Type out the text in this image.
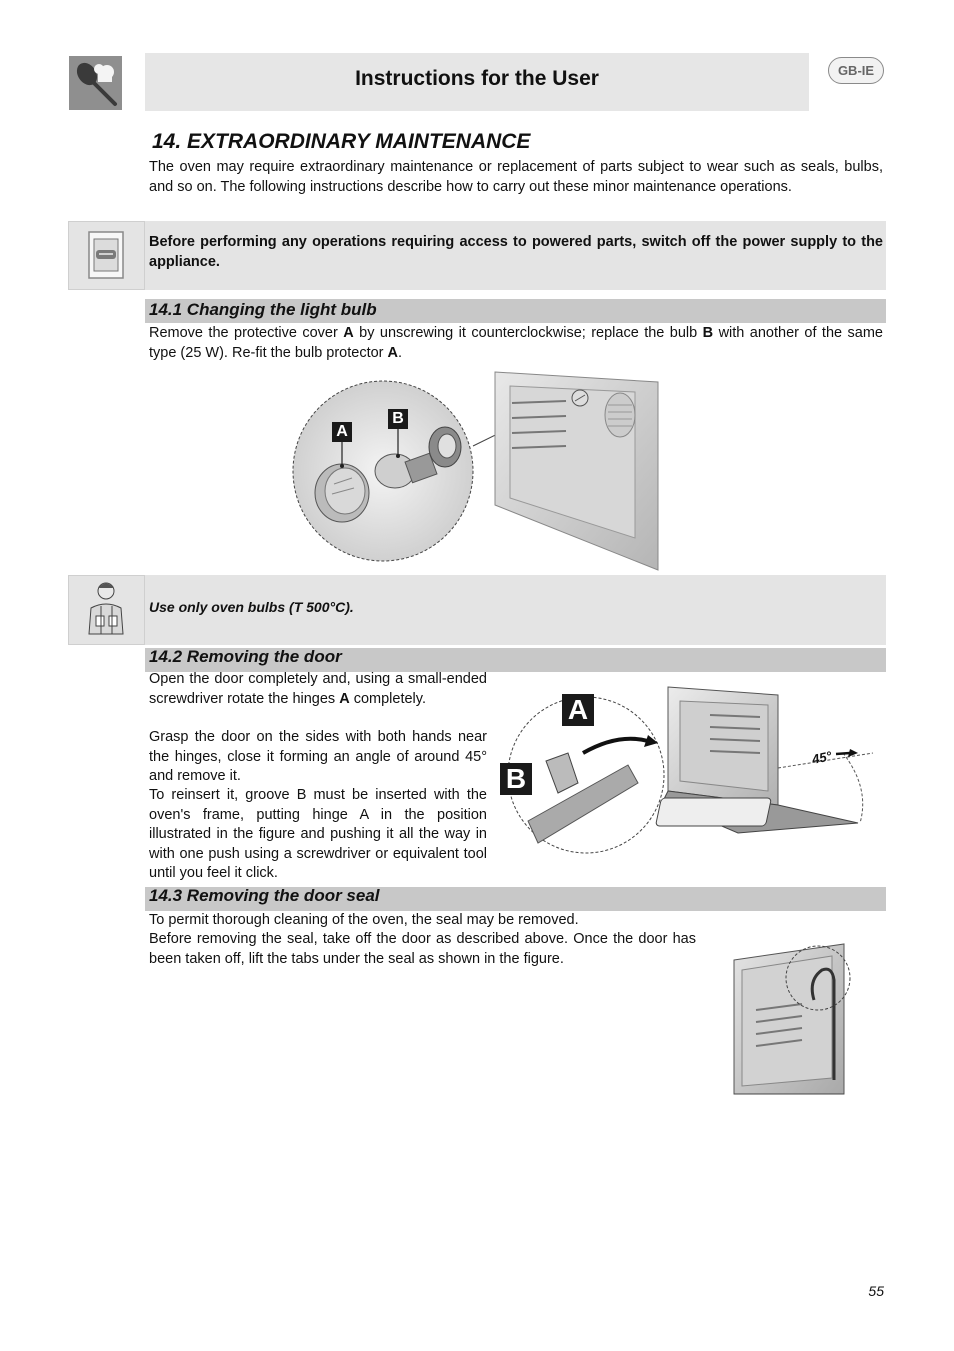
Instructions for the User	GB-IE
14. EXTRAORDINARY MAINTENANCE

The oven may require extraordinary maintenance or replacement of parts subject to wear such as seals, bulbs, and so on. The following instructions describe how to carry out these minor maintenance operations.

Before performing any operations requiring access to powered parts, switch off the power supply to the appliance.

14.1 Changing the light bulb

Remove the protective cover A by unscrewing it counterclockwise; replace the bulb B with another of the same type (25 W). Re-fit the bulb protector A.

A
B
Use only oven bulbs (T 500°C).
14.2 Removing the door

Open the door completely and, using a small-ended screwdriver rotate the hinges A completely.

Grasp the door on the sides with both hands near the hinges, close it forming an angle of around 45° and remove it.

To reinsert it, groove B must be inserted with the oven's frame, putting hinge A in the position illustrated in the figure and pushing it all the way in with one push using a screwdriver or equivalent tool until you feel it click.

A
B
45°
14.3 Removing the door seal

To permit thorough cleaning of the oven, the seal may be removed.

Before removing the seal, take off the door as described above. Once the door has been taken off, lift the tabs under the seal as shown in the figure.

55
